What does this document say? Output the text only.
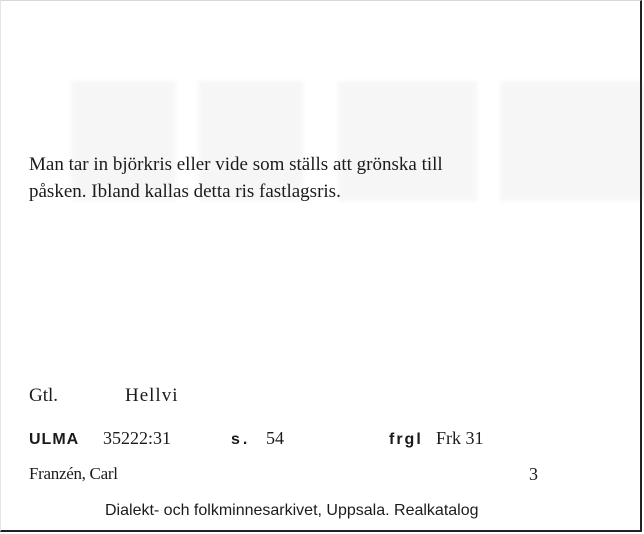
Man tar in björkris eller vide som ställs att grönska till
påsken. Ibland kallas detta ris fastlagsris.
Gtl.	Hellvi
ULMA 35222:31	s. 54	frgl Frk 31
Franzén, Carl	3
Dialekt- och folkminnesarkivet, Uppsala. Realkatalog
